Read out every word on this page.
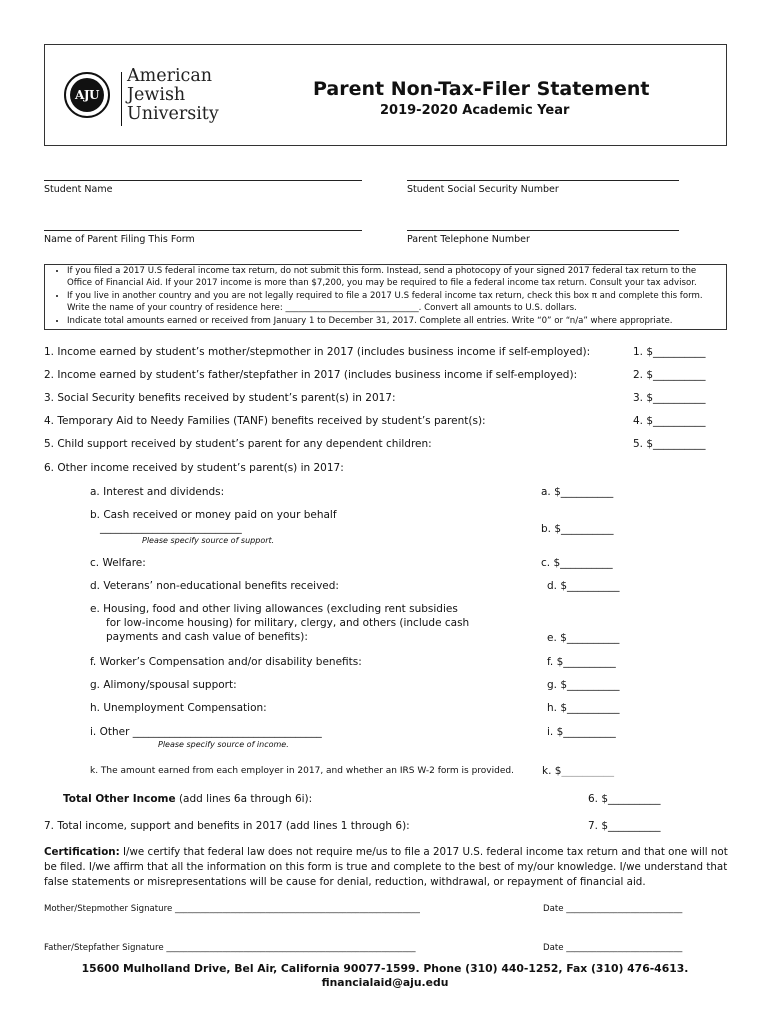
AJU
American
Jewish
University
Parent Non-Tax-Filer Statement
2019-2020 Academic Year
Student Name	Student Social Security Number
Name of Parent Filing This Form	Parent Telephone Number
• If you filed a 2017 U.S federal income tax return, do not submit this form. Instead, send a photocopy of your signed 2017 federal tax return to the Office of Financial Aid. If your 2017 income is more than $7,200, you may be required to file a federal income tax return. Consult your tax advisor.
• If you live in another country and you are not legally required to file a 2017 U.S federal income tax return, check this box π and complete this form. Write the name of your country of residence here: _______________________________. Convert all amounts to U.S. dollars.
• Indicate total amounts earned or received from January 1 to December 31, 2017. Complete all entries. Write “0” or “n/a” where appropriate.
1. Income earned by student’s mother/stepmother in 2017 (includes business income if self-employed):	1. $__________
2. Income earned by student’s father/stepfather in 2017 (includes business income if self-employed):	2. $__________
3. Social Security benefits received by student’s parent(s) in 2017:	3. $__________
4. Temporary Aid to Needy Families (TANF) benefits received by student’s parent(s):	4. $__________
5. Child support received by student’s parent for any dependent children:	5. $__________
6. Other income received by student’s parent(s) in 2017:
a. Interest and dividends:	a. $__________
b. Cash received or money paid on your behalf
___________________________
Please specify source of support.
b. $__________
c. Welfare:	c. $__________
d. Veterans’ non-educational benefits received:	d. $__________
e. Housing, food and other living allowances (excluding rent subsidies
for low-income housing) for military, clergy, and others (include cash
payments and cash value of benefits):	e. $__________
f. Worker’s Compensation and/or disability benefits:	f. $__________
g. Alimony/spousal support:	g. $__________
h. Unemployment Compensation:	h. $__________
i. Other ____________________________________
Please specify source of income.
i. $__________
k. The amount earned from each employer in 2017, and whether an IRS W-2 form is provided.	k. $__________
Total Other Income (add lines 6a through 6i):	6. $__________
7. Total income, support and benefits in 2017 (add lines 1 through 6):	7. $__________
Certification: I/we certify that federal law does not require me/us to file a 2017 U.S. federal income tax return and that one will not be filed. I/we affirm that all the information on this form is true and complete to the best of my/our knowledge. I/we understand that false statements or misrepresentations will be cause for denial, reduction, withdrawal, or repayment of financial aid.
Mother/Stepmother Signature _________________________________________________________	Date ___________________________
Father/Stepfather Signature __________________________________________________________	Date ___________________________
15600 Mulholland Drive, Bel Air, California 90077-1599. Phone (310) 440-1252, Fax (310) 476-4613.
financialaid@aju.edu
